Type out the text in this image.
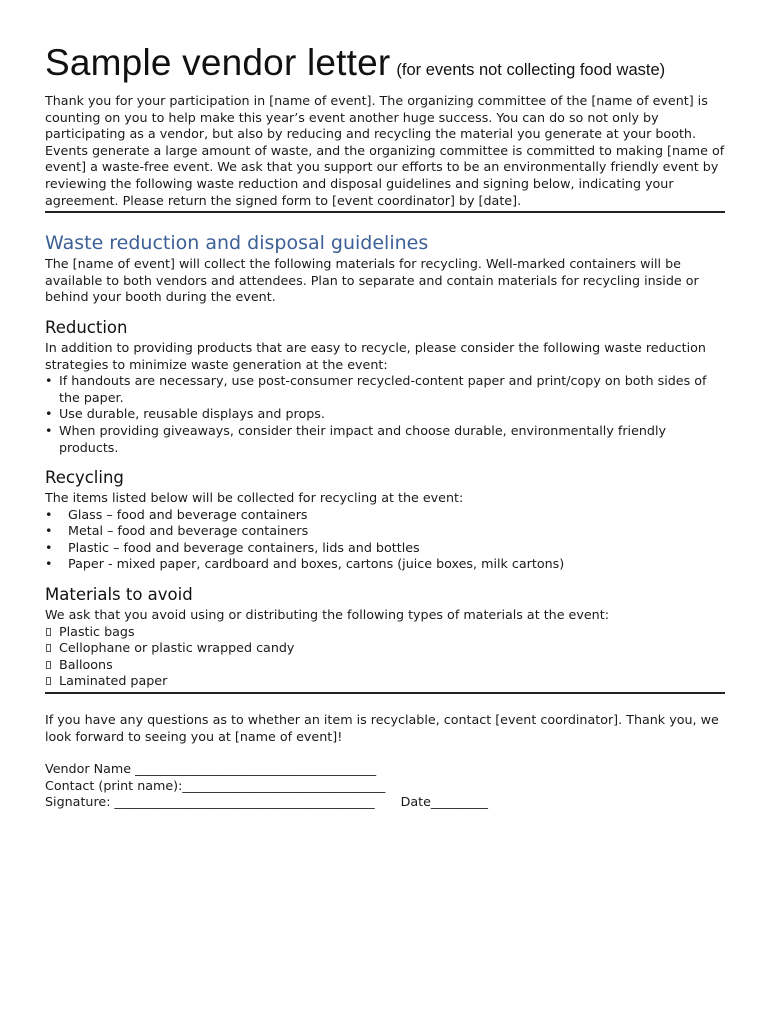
Sample vendor letter (for events not collecting food waste)

Thank you for your participation in [name of event]. The organizing committee of the [name of event] is counting on you to help make this year’s event another huge success. You can do so not only by participating as a vendor, but also by reducing and recycling the material you generate at your booth. Events generate a large amount of waste, and the organizing committee is committed to making [name of event] a waste-free event. We ask that you support our efforts to be an environmentally friendly event by reviewing the following waste reduction and disposal guidelines and signing below, indicating your agreement. Please return the signed form to [event coordinator] by [date].

Waste reduction and disposal guidelines

The [name of event] will collect the following materials for recycling. Well-marked containers will be available to both vendors and attendees. Plan to separate and contain materials for recycling inside or behind your booth during the event.

Reduction

In addition to providing products that are easy to recycle, please consider the following waste reduction strategies to minimize waste generation at the event:

• If handouts are necessary, use post-consumer recycled-content paper and print/copy on both sides of the paper.
• Use durable, reusable displays and props.
• When providing giveaways, consider their impact and choose durable, environmentally friendly products.
Recycling

The items listed below will be collected for recycling at the event:

• Glass – food and beverage containers
• Metal – food and beverage containers
• Plastic – food and beverage containers, lids and bottles
• Paper - mixed paper, cardboard and boxes, cartons (juice boxes, milk cartons)
Materials to avoid

We ask that you avoid using or distributing the following types of materials at the event:

Plastic bags
Cellophane or plastic wrapped candy
Balloons
Laminated paper

If you have any questions as to whether an item is recyclable, contact [event coordinator]. Thank you, we look forward to seeing you at [name of event]!

Vendor Name ______________________________________
Contact (print name):________________________________
Signature: _________________________________________ Date_________
